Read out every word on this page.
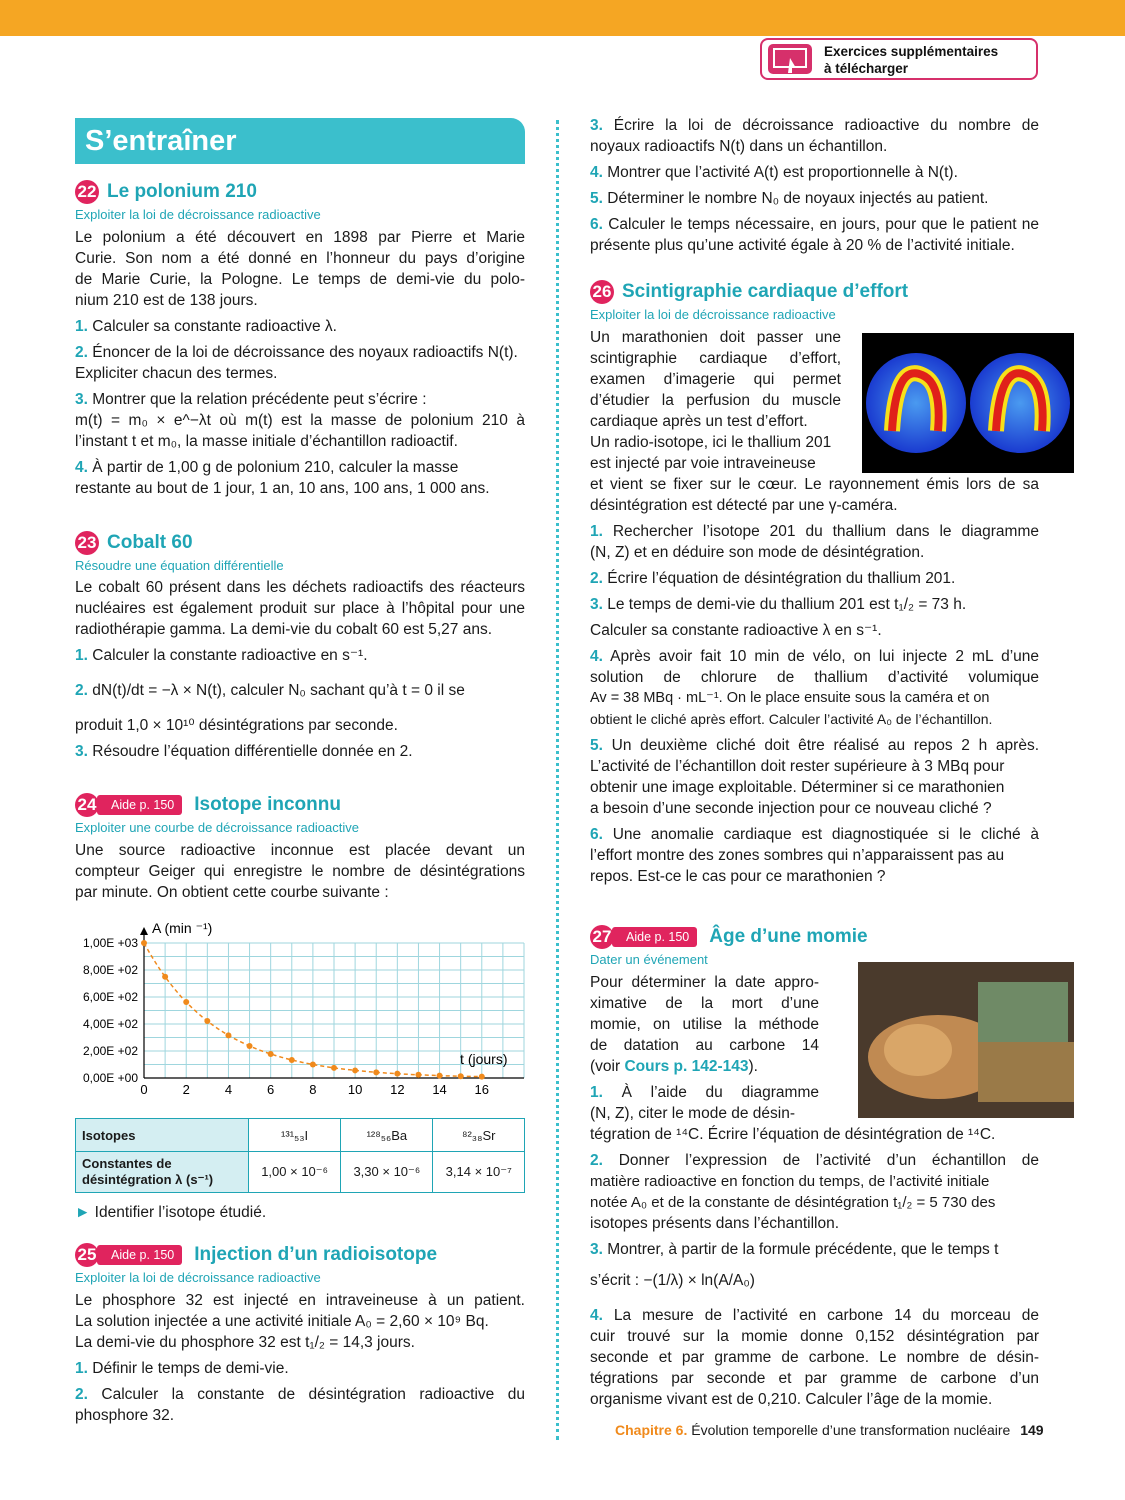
Exercices supplémentaires
à télécharger
S’entraîner
22 Le polonium 210
Exploiter la loi de décroissance radioactive
Le polonium a été découvert en 1898 par Pierre et Marie
Curie. Son nom a été donné en l’honneur du pays d’origine
de Marie Curie, la Pologne. Le temps de demi-vie du polo-
nium 210 est de 138 jours.
1. Calculer sa constante radioactive λ.
2. Énoncer de la loi de décroissance des noyaux radioactifs N(t).
Expliciter chacun des termes.
3. Montrer que la relation précédente peut s’écrire :
m(t) = m₀ × e^−λt où m(t) est la masse de polonium 210 à
l’instant t et m₀, la masse initiale d’échantillon radioactif.
4. À partir de 1,00 g de polonium 210, calculer la masse
restante au bout de 1 jour, 1 an, 10 ans, 100 ans, 1 000 ans.
23 Cobalt 60
Résoudre une équation différentielle
Le cobalt 60 présent dans les déchets radioactifs des réacteurs
nucléaires est également produit sur place à l’hôpital pour une
radiothérapie gamma. La demi-vie du cobalt 60 est 5,27 ans.
1. Calculer la constante radioactive en s⁻¹.
2. dN(t)/dt = −λ × N(t), calculer N₀ sachant qu’à t = 0 il se
produit 1,0 × 10¹⁰ désintégrations par seconde.
3. Résoudre l’équation différentielle donnée en 2.
24	Aide p. 150	Isotope inconnu
Exploiter une courbe de décroissance radioactive
Une source radioactive inconnue est placée devant un
compteur Geiger qui enregistre le nombre de désintégrations
par minute. On obtient cette courbe suivante :
0,00E +00
2,00E +02
4,00E +02
6,00E +02
8,00E +02
1,00E +03
0	2	4	6	8 10 12 14 16
A (min ⁻¹)
t (jours)
Isotopes	¹³¹₅₃I	¹²⁸₅₆Ba	⁸²₃₈Sr
Constantes de
désintégration λ (s⁻¹)	1,00 × 10⁻⁶	3,30 × 10⁻⁶	3,14 × 10⁻⁷
► Identifier l’isotope étudié.
25	Aide p. 150	Injection d’un radioisotope
Exploiter la loi de décroissance radioactive
Le phosphore 32 est injecté en intraveineuse à un patient.
La solution injectée a une activité initiale A₀ = 2,60 × 10⁹ Bq.
La demi-vie du phosphore 32 est t₁/₂ = 14,3 jours.
1. Définir le temps de demi-vie.
2. Calculer la constante de désintégration radioactive du
phosphore 32.
3. Écrire la loi de décroissance radioactive du nombre de
noyaux radioactifs N(t) dans un échantillon.
4. Montrer que l’activité A(t) est proportionnelle à N(t).
5. Déterminer le nombre N₀ de noyaux injectés au patient.
6. Calculer le temps nécessaire, en jours, pour que le patient ne
présente plus qu’une activité égale à 20 % de l’activité initiale.
26 Scintigraphie cardiaque d’effort
Exploiter la loi de décroissance radioactive
Un marathonien doit passer une
scintigraphie cardiaque d’effort,
examen d’imagerie qui permet
d’étudier la perfusion du muscle
cardiaque après un test d’effort.
Un radio-isotope, ici le thallium 201
est injecté par voie intraveineuse
et vient se fixer sur le cœur. Le rayonnement émis lors de sa
désintégration est détecté par une γ-caméra.
1. Rechercher l’isotope 201 du thallium dans le diagramme
(N, Z) et en déduire son mode de désintégration.
2. Écrire l’équation de désintégration du thallium 201.
3. Le temps de demi-vie du thallium 201 est t₁/₂ = 73 h.
Calculer sa constante radioactive λ en s⁻¹.
4. Après avoir fait 10 min de vélo, on lui injecte 2 mL d’une
solution de chlorure de thallium d’activité volumique
Av = 38 MBq · mL⁻¹. On le place ensuite sous la caméra et on
obtient le cliché après effort. Calculer l’activité A₀ de l’échantillon.
5. Un deuxième cliché doit être réalisé au repos 2 h après.
L’activité de l’échantillon doit rester supérieure à 3 MBq pour
obtenir une image exploitable. Déterminer si ce marathonien
a besoin d’une seconde injection pour ce nouveau cliché ?
6. Une anomalie cardiaque est diagnostiquée si le cliché à
l’effort montre des zones sombres qui n’apparaissent pas au
repos. Est-ce le cas pour ce marathonien ?
27	Aide p. 150	Âge d’une momie
Dater un événement
Pour déterminer la date appro-
ximative de la mort d’une
momie, on utilise la méthode
de datation au carbone 14
(voir Cours p. 142-143).
1. À l’aide du diagramme
(N, Z), citer le mode de désin-
tégration de ¹⁴C. Écrire l’équation de désintégration de ¹⁴C.
2. Donner l’expression de l’activité d’un échantillon de
matière radioactive en fonction du temps, de l’activité initiale
notée A₀ et de la constante de désintégration t₁/₂ = 5 730 des
isotopes présents dans l’échantillon.
3. Montrer, à partir de la formule précédente, que le temps t
s’écrit : −(1/λ) × ln(A/A₀)
4. La mesure de l’activité en carbone 14 du morceau de
cuir trouvé sur la momie donne 0,152 désintégration par
seconde et par gramme de carbone. Le nombre de désin-
tégrations par seconde et par gramme de carbone d’un
organisme vivant est de 0,210. Calculer l’âge de la momie.
Chapitre 6. Évolution temporelle d’une transformation nucléaire 149
